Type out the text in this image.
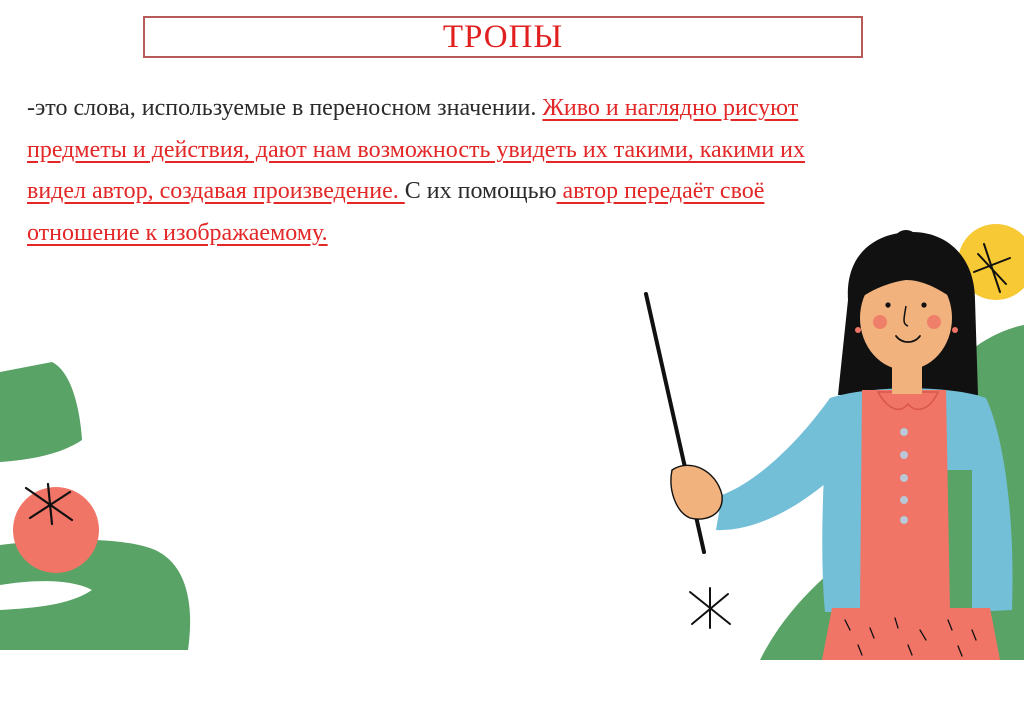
ТРОПЫ
-это слова, используемые в переносном значении. Живо и наглядно рисуют предметы и действия, дают нам возможность увидеть их такими, какими их видел автор, создавая произведение. С их помощью автор передаёт своё отношение к изображаемому.
